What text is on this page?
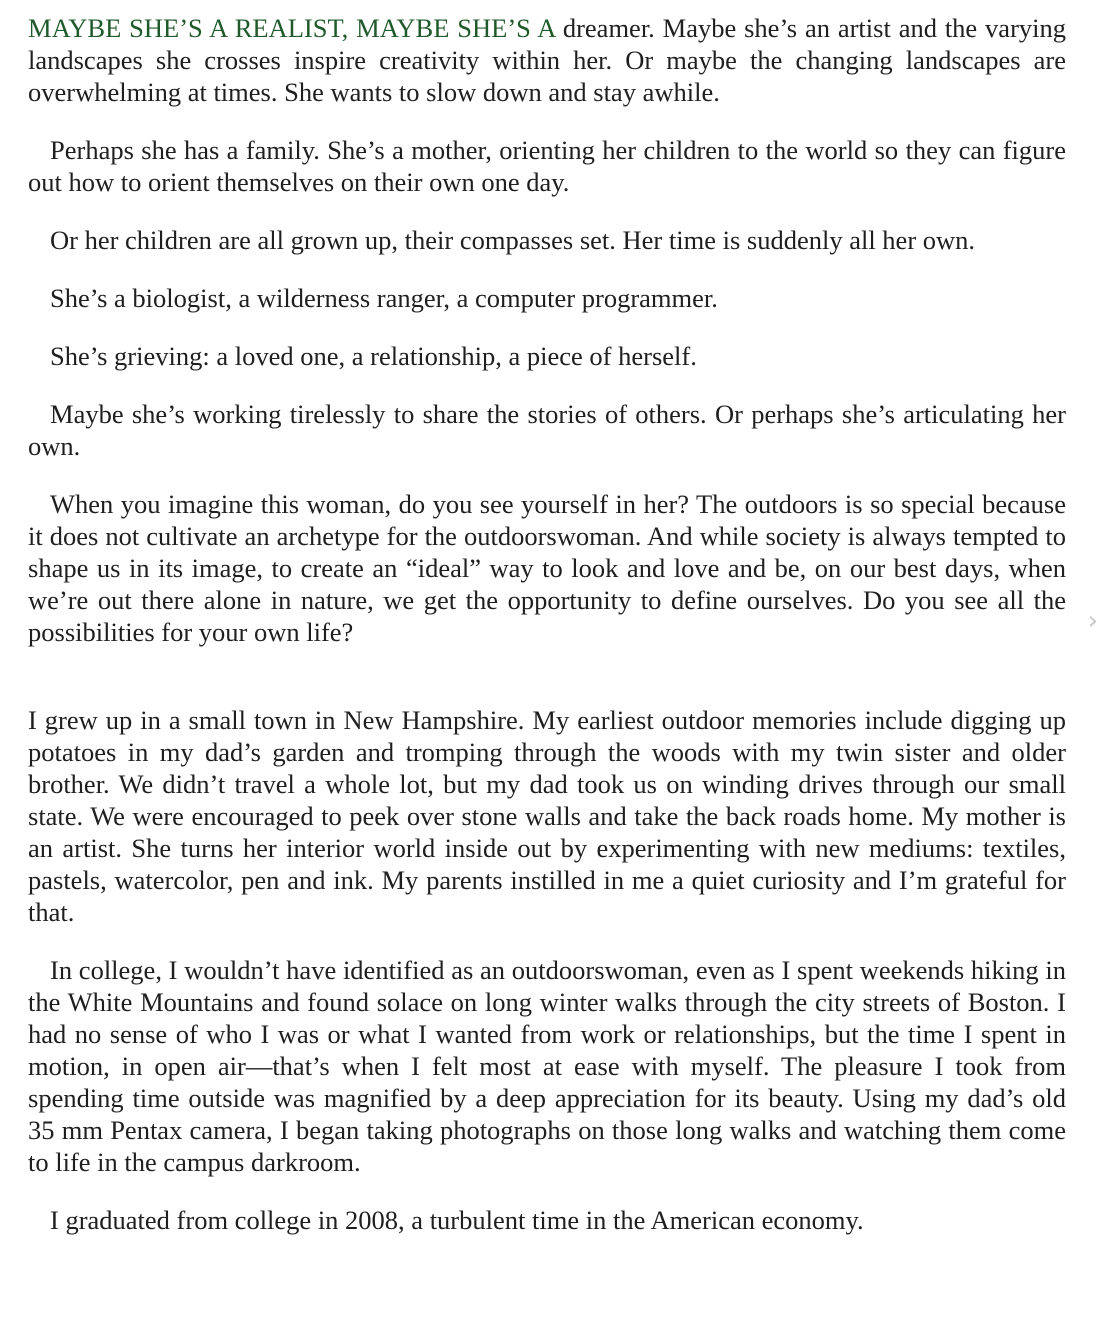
MAYBE SHE’S A REALIST, MAYBE SHE’S A dreamer. Maybe she’s an artist and the varying landscapes she crosses inspire creativity within her. Or maybe the changing landscapes are overwhelming at times. She wants to slow down and stay awhile.

Perhaps she has a family. She’s a mother, orienting her children to the world so they can figure out how to orient themselves on their own one day.

Or her children are all grown up, their compasses set. Her time is suddenly all her own.

She’s a biologist, a wilderness ranger, a computer programmer.

She’s grieving: a loved one, a relationship, a piece of herself.

Maybe she’s working tirelessly to share the stories of others. Or perhaps she’s articulating her own.

When you imagine this woman, do you see yourself in her? The outdoors is so special because it does not cultivate an archetype for the outdoorswoman. And while society is always tempted to shape us in its image, to create an “ideal” way to look and love and be, on our best days, when we’re out there alone in nature, we get the opportunity to define ourselves. Do you see all the possibilities for your own life?

I grew up in a small town in New Hampshire. My earliest outdoor memories include digging up potatoes in my dad’s garden and tromping through the woods with my twin sister and older brother. We didn’t travel a whole lot, but my dad took us on winding drives through our small state. We were encouraged to peek over stone walls and take the back roads home. My mother is an artist. She turns her interior world inside out by experimenting with new mediums: textiles, pastels, watercolor, pen and ink. My parents instilled in me a quiet curiosity and I’m grateful for that.

In college, I wouldn’t have identified as an outdoorswoman, even as I spent weekends hiking in the White Mountains and found solace on long winter walks through the city streets of Boston. I had no sense of who I was or what I wanted from work or relationships, but the time I spent in motion, in open air—that’s when I felt most at ease with myself. The pleasure I took from spending time outside was magnified by a deep appreciation for its beauty. Using my dad’s old 35 mm Pentax camera, I began taking photographs on those long walks and watching them come to life in the campus darkroom.

I graduated from college in 2008, a turbulent time in the American economy.

›
